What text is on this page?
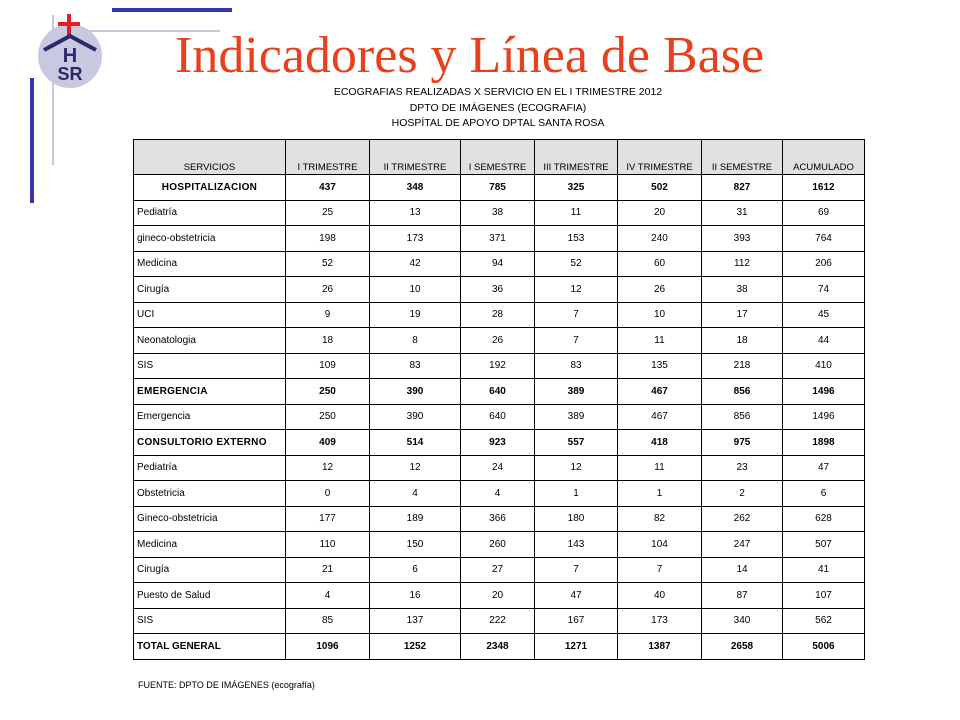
H
SR Indicadores y Línea de Base
ECOGRAFIAS REALIZADAS X SERVICIO EN EL I TRIMESTRE 2012
DPTO DE IMÁGENES (ECOGRAFIA)
HOSPÍTAL DE APOYO DPTAL SANTA ROSA
SERVICIOS	I TRIMESTRE	II TRIMESTRE	I SEMESTRE	III TRIMESTRE	IV TRIMESTRE	II SEMESTRE	ACUMULADO
HOSPITALIZACION	437	348	785	325	502	827	1612
Pediatría	25	13	38	11	20	31	69
gineco-obstetricia	198	173	371	153	240	393	764
Medicina	52	42	94	52	60	112	206
Cirugía	26	10	36	12	26	38	74
UCI	9	19	28	7	10	17	45
Neonatologia	18	8	26	7	11	18	44
SIS	109	83	192	83	135	218	410
EMERGENCIA	250	390	640	389	467	856	1496
Emergencia	250	390	640	389	467	856	1496
CONSULTORIO EXTERNO	409	514	923	557	418	975	1898
Pediatría	12	12	24	12	11	23	47
Obstetricia	0	4	4	1	1	2	6
Gineco-obstetricia	177	189	366	180	82	262	628
Medicina	110	150	260	143	104	247	507
Cirugía	21	6	27	7	7	14	41
Puesto de Salud	4	16	20	47	40	87	107
SIS	85	137	222	167	173	340	562
TOTAL GENERAL	1096	1252	2348	1271	1387	2658	5006
FUENTE: DPTO DE IMÁGENES (ecografía)
